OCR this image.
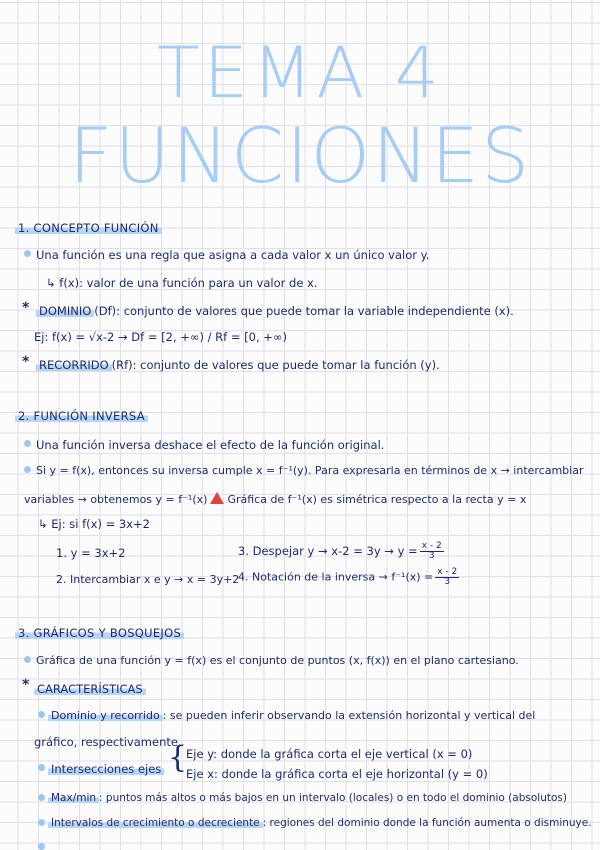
TEMA 4
FUNCIONES
1. CONCEPTO FUNCIÓN
Una función es una regla que asigna a cada valor x un único valor y.
↳ f(x): valor de una función para un valor de x.
* DOMINIO (Df): conjunto de valores que puede tomar la variable independiente (x).
Ej: f(x) = √x-2 → Df = [2, +∞) / Rf = [0, +∞)
* RECORRIDO (Rf): conjunto de valores que puede tomar la función (y).
2. FUNCIÓN INVERSA
Una función inversa deshace el efecto de la función original.
Si y = f(x), entonces su inversa cumple x = f⁻¹(y). Para expresarla en términos de x → intercambiar
variables → obtenemos y = f⁻¹(x) Gráfica de f⁻¹(x) es simétrica respecto a la recta y = x
↳ Ej: si f(x) = 3x+2
1. y = 3x+2	3. Despejar $y \to x-2 = 3y \to y = \frac{x - 2}{3}$
2. Intercambiar x e y → x = 3y+2
4. Notación de la inversa → $f^{-1}(x) = \frac{x - 2}{3}$
3. GRÁFICOS Y BOSQUEJOS
Gráfica de una función y = f(x) es el conjunto de puntos (x, f(x)) en el plano cartesiano.
* CARACTERÍSTICAS
Dominio y recorrido : se pueden inferir observando la extensión horizontal y vertical del
gráfico, respectivamente.
Intersecciones ejes {
Eje y: donde la gráfica corta el eje vertical (x = 0)
Eje x: donde la gráfica corta el eje horizontal (y = 0)
Max/min : puntos más altos o más bajos en un intervalo (locales) o en todo el dominio (absolutos)
Intervalos de crecimiento o decreciente : regiones del dominio donde la función aumenta o disminuye.
